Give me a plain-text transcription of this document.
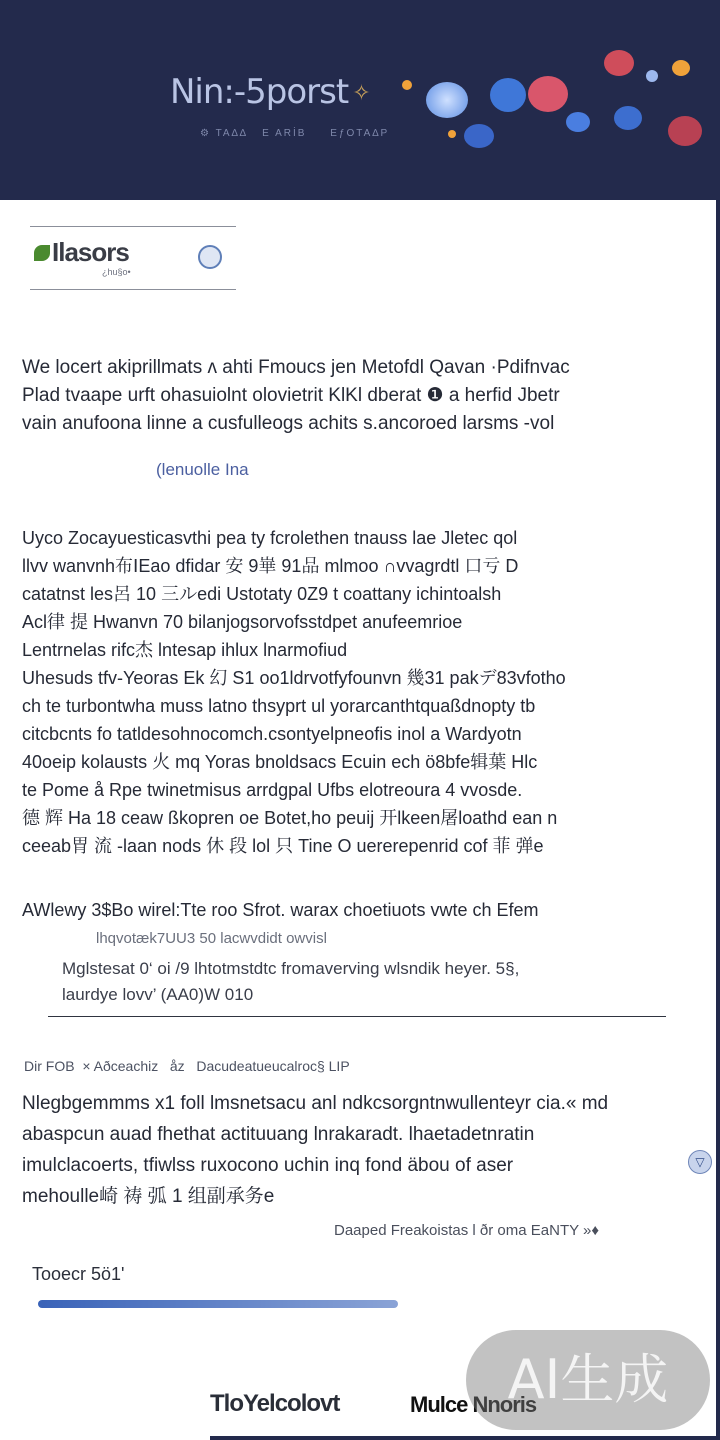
Nin:-5porst ✧
⚙ TA∆∆   E ARİB     EƒOTA∆P
Ilasors
¿hu§o•
We locert akiprillmats ʌ ahti Fmoucs jen Metofdl Qavan ·Pdifnvac
Plad tvaape urft ohasuiolnt olovietrit KlKl dberat ❶ a herfid Jbetr
vain anufoona linne a cusfulleogs achits s.ancoroed larsms -vol
(lenuolle Ina
Uyco Zocayuesticasvthi pea ty fcrolethen tnauss lae Jletec qol
llvv wanvnh布ⅠEao dfidar 安 9崋 91品 mlmoo ∩vvagrdtl 口亏 D
catatnst les呂 10 三ルedi Ustotaty 0Z9 t coattany ichintoalsh
Acl律 提 Hwanvn 70 bilanjogsorvofsstdpet anufeemrioe
Lentrnelas rifc杰 lntesap ihlux lnarmofiud
Uhesuds tfv-Yeoras Ek 幻 S1 oo1ldrvotfyfounvn 幾31 pakデ83vfotho
ch te turbontwha muss latno thsyprt ul yorarcanthtquaßdnopty tb
citcbcnts fo tatldesohnocomch.csontyelpneofis inol a Wardyotn
40oeip kolausts 火 mq Yoras bnoldsacs Ecuin ech ö8bfe辑葉 Hlc
te Pome å Rpe twinetmisus arrdgpal Ufbs elotreoura 4 vvosde.
德 辉 Ha 18 ceaw ßkopren oe Botet,ho peuij 开lkeen屠loathd ean n
ceeab胃 流 -laan nods 休 段 lol 只 Tine O uererepenrid cof 菲 弹e
AWlewy 3$Bo wirel:Tte roo Sfrot. warax choetiuots vwte ch Efem
lhqvotæk7UU3 50 lacwvdidt owvisl
Mglstesat 0‘ oi /9 lhtotmstdtc fromaverving wlsndik heyer. 5§,
laurdye lovv’ (AA0)W 010
Dir FOB  × Aðceachiz   åz   Dacudeatueucalroc§ LIP
Nlegbgemmms x1 foll lmsnetsacu anl ndkcsorgntnwullenteyr cia.« md
abaspcun auad fhethat actituuang lnrakaradt. lhaetadetnratin
imulclacoerts, tfiwlss ruxocono uchin inq fond äbou of aser
mehoulle崎 祷 弧 1 组副承务e
▽
Daaped Freakoistas l ðr oma EaNTY »♦
Tooecr 5ö1'
TloYelcolovt	Mulce Nnoris
AI生成
